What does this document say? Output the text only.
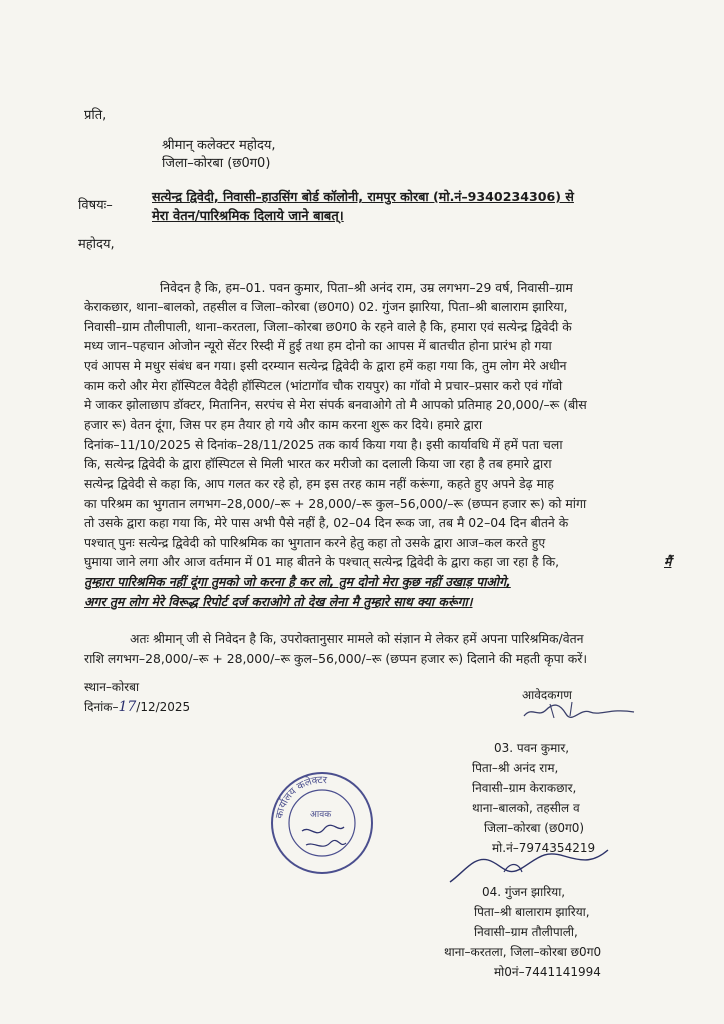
प्रति,

श्रीमान् कलेक्टर महोदय,

जिला–कोरबा (छ0ग0)

विषयः–

सत्येन्द्र द्विवेदी, निवासी–हाउसिंग बोर्ड कॉलोनी, रामपुर कोरबा (मो.नं–9340234306) से

मेरा वेतन/पारिश्रमिक दिलाये जाने बाबत्।

महोदय,

निवेदन है कि, हम–01. पवन कुमार, पिता–श्री अनंद राम, उम्र लगभग–29 वर्ष, निवासी–ग्राम

केराकछार, थाना–बालको, तहसील व जिला–कोरबा (छ0ग0) 02. गुंजन झारिया, पिता–श्री बालाराम झारिया,

निवासी–ग्राम तौलीपाली, थाना–करतला, जिला–कोरबा छ0ग0 के रहने वाले है कि, हमारा एवं सत्येन्द्र द्विवेदी के

मध्य जान–पहचान ओजोन न्यूरो सेंटर रिस्दी में हुई तथा हम दोनो का आपस में बातचीत होना प्रारंभ हो गया

एवं आपस मे मधुर संबंध बन गया। इसी दरम्यान सत्येन्द्र द्विवेदी के द्वारा हमें कहा गया कि, तुम लोग मेरे अधीन

काम करो और मेरा हॉस्पिटल वैदेही हॉस्पिटल (भांटागॉव चौक रायपुर) का गॉवो मे प्रचार–प्रसार करो एवं गॉवो

मे जाकर झोलाछाप डॉक्टर, मितानिन, सरपंच से मेरा संपर्क बनवाओगे तो मै आपको प्रतिमाह 20,000/–रू (बीस

हजार रू) वेतन दूंगा, जिस पर हम तैयार हो गये और काम करना शुरू कर दिये। हमारे द्वारा

दिनांक–11/10/2025 से दिनांक–28/11/2025 तक कार्य किया गया है। इसी कार्यावधि में हमें पता चला

कि, सत्येन्द्र द्विवेदी के द्वारा हॉस्पिटल से मिली भारत कर मरीजो का दलाली किया जा रहा है तब हमारे द्वारा

सत्येन्द्र द्विवेदी से कहा कि, आप गलत कर रहे हो, हम इस तरह काम नहीं करूंगा, कहते हुए अपने डेढ़ माह

का परिश्रम का भुगतान लगभग–28,000/–रू + 28,000/–रू कुल–56,000/–रू (छप्पन हजार रू) को मांगा

तो उसके द्वारा कहा गया कि, मेरे पास अभी पैसे नहीं है, 02–04 दिन रूक जा, तब मै 02–04 दिन बीतने के

पश्चात् पुनः सत्येन्द्र द्विवेदी को पारिश्रमिक का भुगतान करने हेतु कहा तो उसके द्वारा आज–कल करते हुए

घुमाया जाने लगा और आज वर्तमान में 01 माह बीतने के पश्चात् सत्येन्द्र द्विवेदी के द्वारा कहा जा रहा है कि,	मैं

तुम्हारा पारिश्रमिक नहीं दूंगा तुमको जो करना है कर लो, तुम दोनो मेरा कुछ नहीं उखाड़ पाओगे,

अगर तुम लोग मेरे विरूद्ध रिपोर्ट दर्ज कराओगे तो देख लेना मै तुम्हारे साथ क्या करूंगा।

अतः श्रीमान् जी से निवेदन है कि, उपरोक्तानुसार मामले को संज्ञान मे लेकर हमें अपना पारिश्रमिक/वेतन

राशि लगभग–28,000/–रू + 28,000/–रू कुल–56,000/–रू (छप्पन हजार रू) दिलाने की महती कृपा करें।

स्थान–कोरबा

दिनांक–17/12/2025

आवेदकगण

03. पवन कुमार,

पिता–श्री अनंद राम,

निवासी–ग्राम केराकछार,

थाना–बालको, तहसील व

जिला–कोरबा (छ0ग0)

मो.नं–7974354219

कार्यालय कलेक्टर
आवक

04. गुंजन झारिया,

पिता–श्री बालाराम झारिया,

निवासी–ग्राम तौलीपाली,

थाना–करतला, जिला–कोरबा छ0ग0

मो0नं–7441141994
